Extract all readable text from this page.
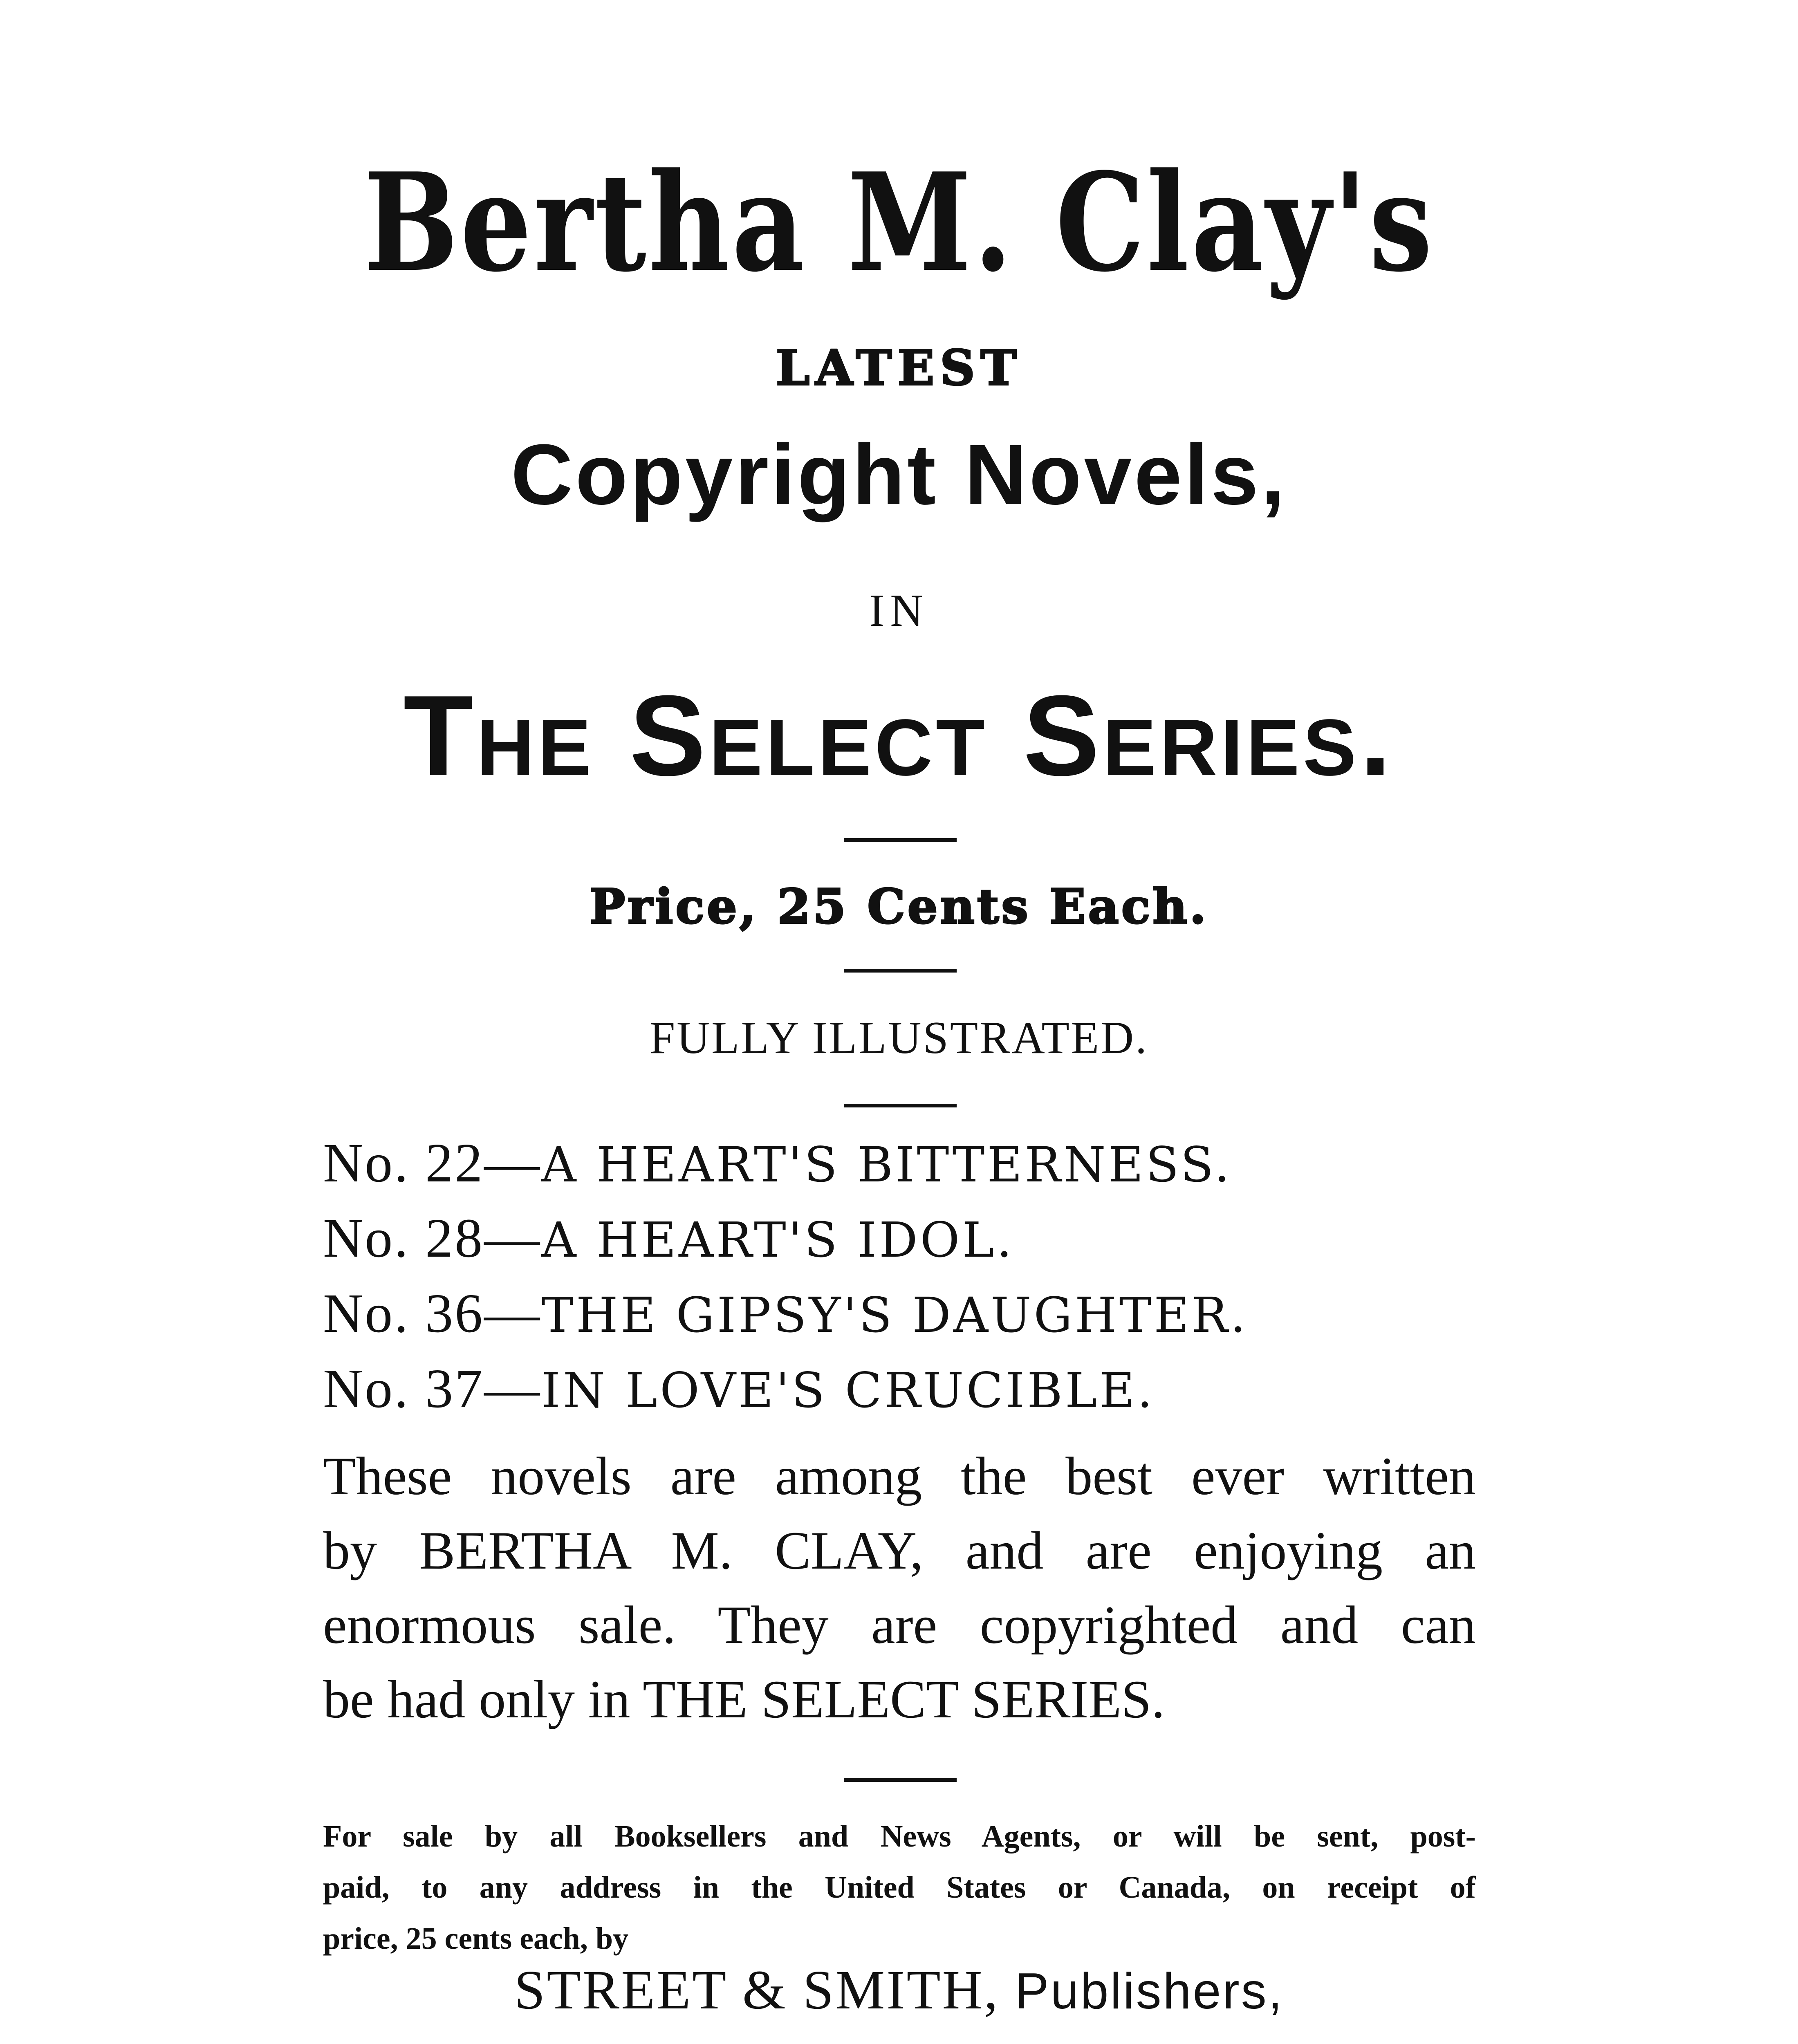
Bertha M. Clay's
LATEST
Copyright Novels,
IN
The Select Series.
Price, 25 Cents Each.
FULLY ILLUSTRATED.
No. 22—A HEART'S BITTERNESS.
No. 28—A HEART'S IDOL.
No. 36—THE GIPSY'S DAUGHTER.
No. 37—IN LOVE'S CRUCIBLE.

These novels are among the best ever written
by BERTHA M. CLAY, and are enjoying an
enormous sale. They are copyrighted and can
be had only in THE SELECT SERIES.

For sale by all Booksellers and News Agents, or will be sent, post-
paid, to any address in the United States or Canada, on receipt of
price, 25 cents each, by

STREET & SMITH, Publishers,
